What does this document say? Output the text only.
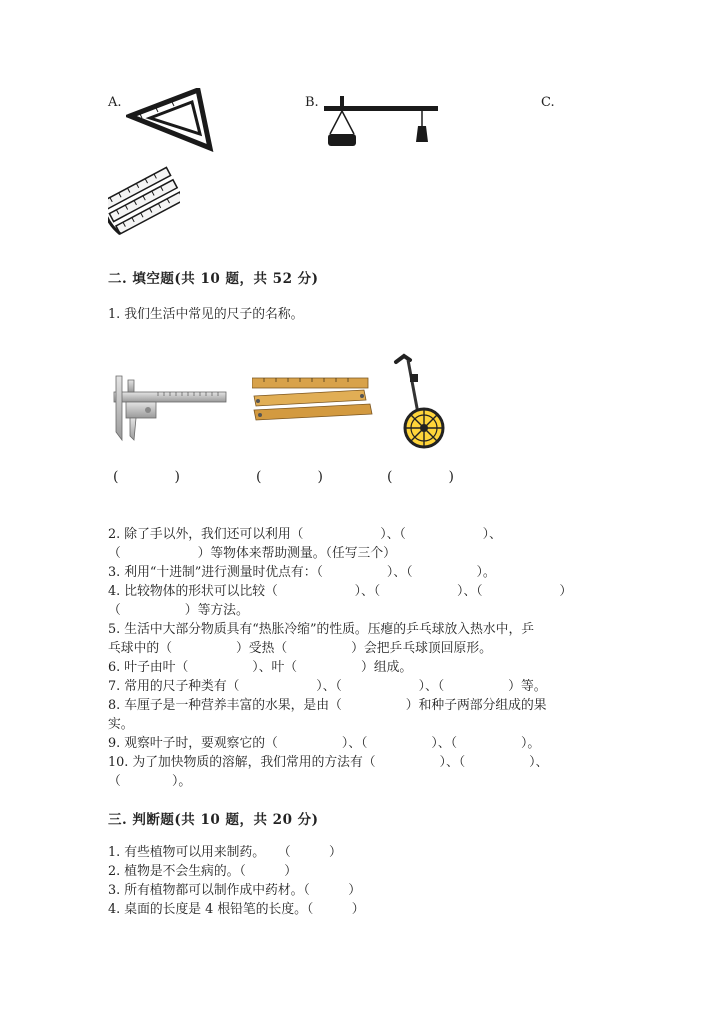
A.	B.	C.
二. 填空题(共 10 题，共 52 分)
1. 我们生活中常见的尺子的名称。
(　　　　)	(　　　　)	(　　　　)
2. 除了手以外，我们还可以利用（　　　　　　）、（　　　　　　）、
（　　　　　　）等物体来帮助测量。（任写三个）
3. 利用“十进制”进行测量时优点有：（　　　　　）、（　　　　　）。
4. 比较物体的形状可以比较（　　　　　　）、（　　　　　　）、（　　　　　　）
（　　　　　）等方法。
5. 生活中大部分物质具有“热胀冷缩”的性质。压瘪的乒乓球放入热水中，乒
乓球中的（　　　　　）受热（　　　　　）会把乒乓球顶回原形。
6. 叶子由叶（　　　　　）、叶（　　　　　）组成。
7. 常用的尺子种类有（　　　　　　）、（　　　　　　）、（　　　　　）等。
8. 车厘子是一种营养丰富的水果，是由（　　　　　）和种子两部分组成的果
实。
9. 观察叶子时，要观察它的（　　　　　）、（　　　　　）、（　　　　　）。
10. 为了加快物质的溶解，我们常用的方法有（　　　　　）、（　　　　　）、
（　　　　）。
三. 判断题(共 10 题，共 20 分)
1. 有些植物可以用来制药。　　（　　　）
2. 植物是不会生病的。（　　　）
3. 所有植物都可以制作成中药材。（　　　）
4. 桌面的长度是 4 根铅笔的长度。（　　　）
